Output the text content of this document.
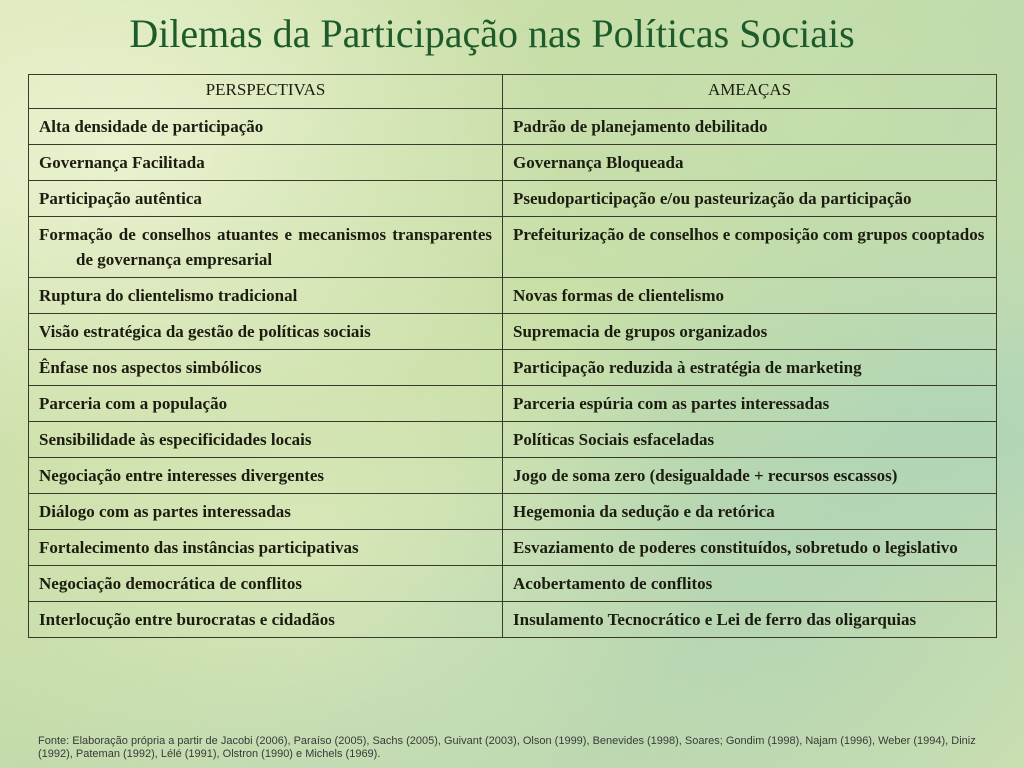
Dilemas da Participação nas Políticas Sociais
PERSPECTIVAS	AMEAÇAS
Alta densidade de participação	Padrão de planejamento debilitado
Governança Facilitada	Governança Bloqueada
Participação autêntica	Pseudoparticipação e/ou pasteurização da participação
Formação de conselhos atuantes e mecanismos transparentes de governança empresarial	Prefeiturização de conselhos e composição com grupos cooptados
Ruptura do clientelismo tradicional	Novas formas de clientelismo
Visão estratégica da gestão de políticas sociais	Supremacia de grupos organizados
Ênfase nos aspectos simbólicos	Participação reduzida à estratégia de marketing
Parceria com a população	Parceria espúria com as partes interessadas
Sensibilidade às especificidades locais	Políticas Sociais esfaceladas
Negociação entre interesses divergentes	Jogo de soma zero (desigualdade + recursos escassos)
Diálogo com as partes interessadas	Hegemonia da sedução e da retórica
Fortalecimento das instâncias participativas	Esvaziamento de poderes constituídos, sobretudo o legislativo
Negociação democrática de conflitos	Acobertamento de conflitos
Interlocução entre burocratas e cidadãos	Insulamento Tecnocrático e Lei de ferro das oligarquias
Fonte: Elaboração própria a partir de Jacobi (2006), Paraíso (2005), Sachs (2005), Guivant (2003), Olson (1999), Benevides (1998), Soares; Gondim (1998), Najam (1996), Weber (1994), Diniz (1992), Pateman (1992), Lélé (1991), Olstron (1990) e Michels (1969).
